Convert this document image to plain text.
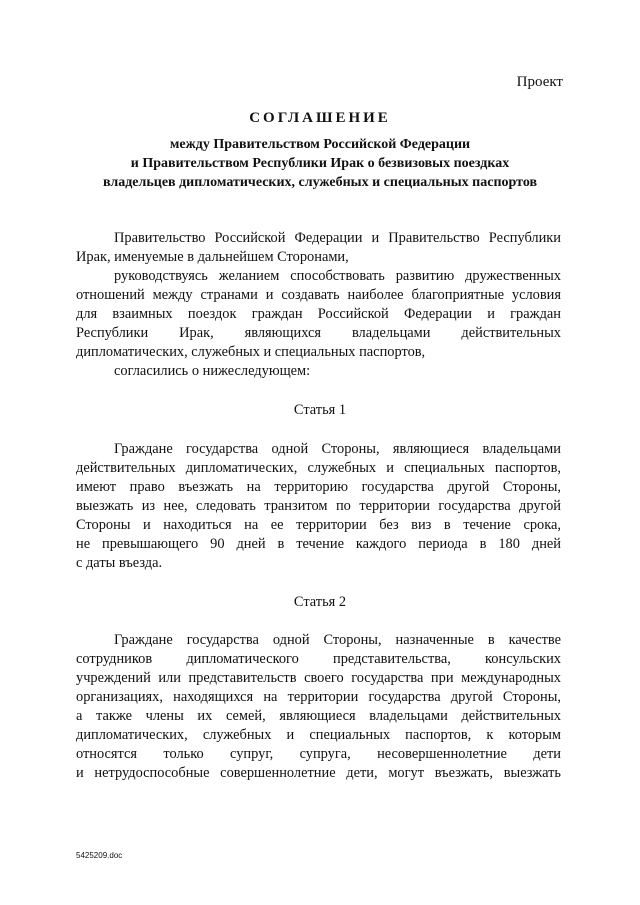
Проект
СОГЛАШЕНИЕ
между Правительством Российской Федерации
и Правительством Республики Ирак о безвизовых поездках
владельцев дипломатических, служебных и специальных паспортов
Правительство Российской Федерации и Правительство Республики
Ирак, именуемые в дальнейшем Сторонами,
руководствуясь желанием способствовать развитию дружественных
отношений между странами и создавать наиболее благоприятные условия
для взаимных поездок граждан Российской Федерации и граждан
Республики Ирак, являющихся владельцами действительных
дипломатических, служебных и специальных паспортов,
согласились о нижеследующем:
Статья 1
Граждане государства одной Стороны, являющиеся владельцами
действительных дипломатических, служебных и специальных паспортов,
имеют право въезжать на территорию государства другой Стороны,
выезжать из нее, следовать транзитом по территории государства другой
Стороны и находиться на ее территории без виз в течение срока,
не превышающего 90 дней в течение каждого периода в 180 дней
с даты въезда.
Статья 2
Граждане государства одной Стороны, назначенные в качестве
сотрудников дипломатического представительства, консульских
учреждений или представительств своего государства при международных
организациях, находящихся на территории государства другой Стороны,
а также члены их семей, являющиеся владельцами действительных
дипломатических, служебных и специальных паспортов, к которым
относятся только супруг, супруга, несовершеннолетние дети
и нетрудоспособные совершеннолетние дети, могут въезжать, выезжать
5425209.doc
